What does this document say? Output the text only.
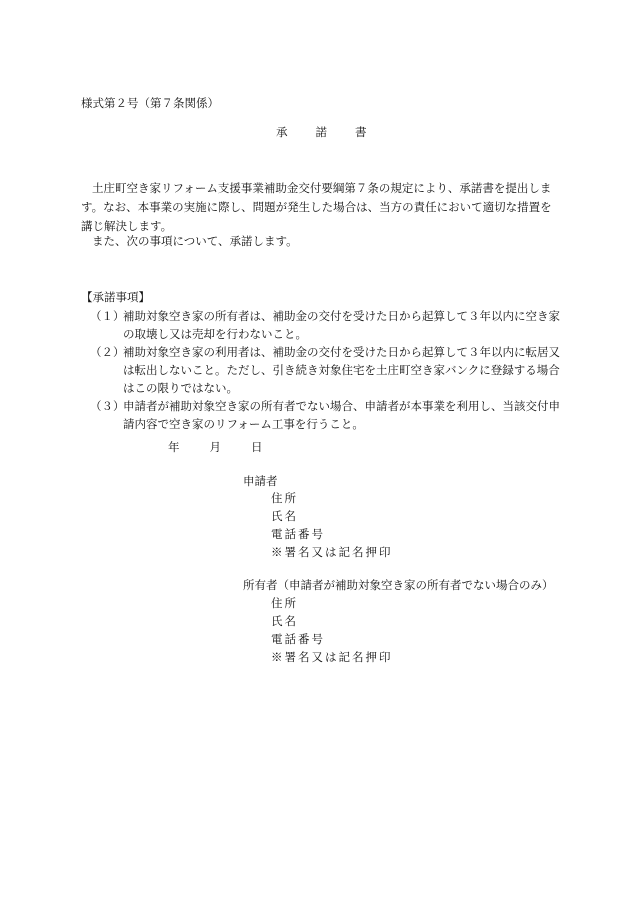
様式第２号（第７条関係）
承 諾 書
土庄町空き家リフォーム支援事業補助金交付要綱第７条の規定により、承諾書を提出します。なお、本事業の実施に際し、問題が発生した場合は、当方の責任において適切な措置を講じ解決します。
また、次の事項について、承諾します。
【承諾事項】
（１）
補助対象空き家の所有者は、補助金の交付を受けた日から起算して３年以内に空き家の取壊し又は売却を行わないこと。
（２）
補助対象空き家の利用者は、補助金の交付を受けた日から起算して３年以内に転居又は転出しないこと。ただし、引き続き対象住宅を土庄町空き家バンクに登録する場合はこの限りではない。
（３）
申請者が補助対象空き家の所有者でない場合、申請者が本事業を利用し、当該交付申請内容で空き家のリフォーム工事を行うこと。
年	月	日
申請者
住所
氏名
電話番号
※署名又は記名押印
所有者（申請者が補助対象空き家の所有者でない場合のみ）
住所
氏名
電話番号
※署名又は記名押印
